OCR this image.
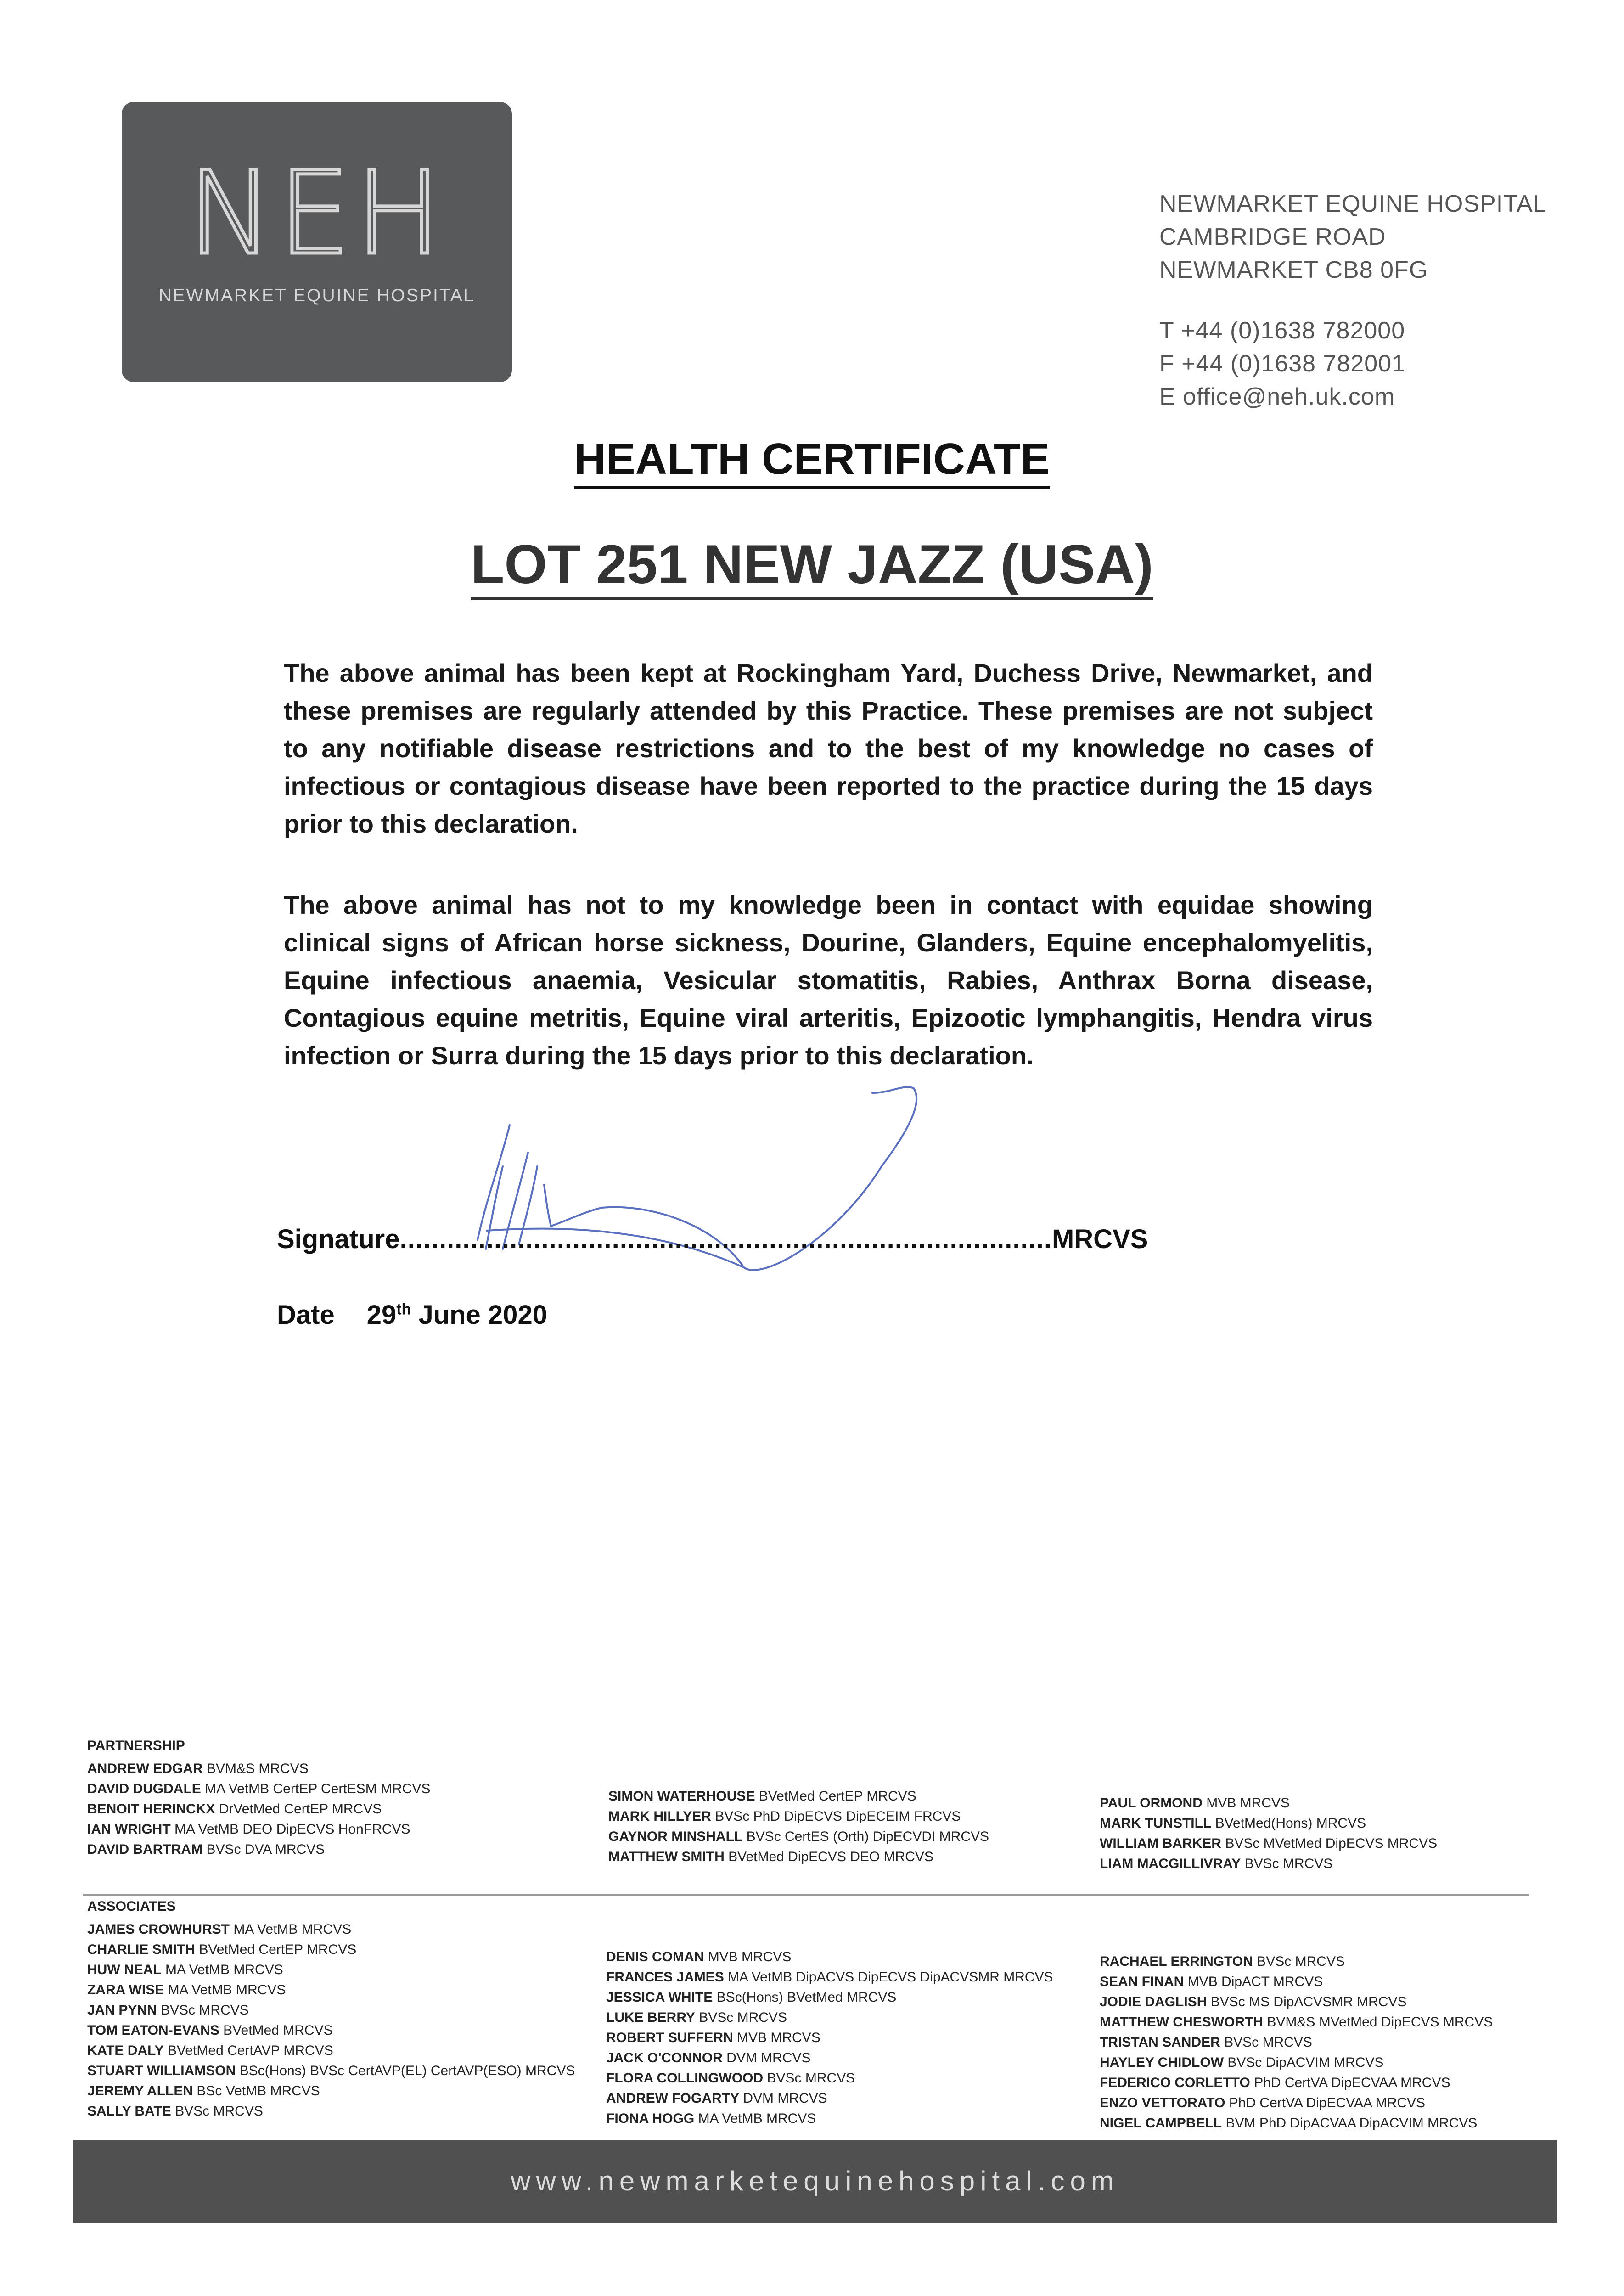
NEH
NEWMARKET EQUINE HOSPITAL
NEWMARKET EQUINE HOSPITAL
CAMBRIDGE ROAD
NEWMARKET CB8 0FG
T +44 (0)1638 782000
F +44 (0)1638 782001
E office@neh.uk.com
HEALTH CERTIFICATE
LOT 251 NEW JAZZ (USA)
The above animal has been kept at Rockingham Yard, Duchess Drive, Newmarket, and these premises are regularly attended by this Practice. These premises are not subject to any notifiable disease restrictions and to the best of my knowledge no cases of infectious or contagious disease have been reported to the practice during the 15 days prior to this declaration.
The above animal has not to my knowledge been in contact with equidae showing clinical signs of African horse sickness, Dourine, Glanders, Equine encephalomyelitis, Equine infectious anaemia, Vesicular stomatitis, Rabies, Anthrax Borna disease, Contagious equine metritis, Equine viral arteritis, Epizootic lymphangitis, Hendra virus infection or Surra during the 15 days prior to this declaration.
Signature...................................................................................MRCVS
Date 29th June 2020
PARTNERSHIP
ANDREW EDGAR BVM&S MRCVS
DAVID DUGDALE MA VetMB CertEP CertESM MRCVS
BENOIT HERINCKX DrVetMed CertEP MRCVS
IAN WRIGHT MA VetMB DEO DipECVS HonFRCVS
DAVID BARTRAM BVSc DVA MRCVS
SIMON WATERHOUSE BVetMed CertEP MRCVS
MARK HILLYER BVSc PhD DipECVS DipECEIM FRCVS
GAYNOR MINSHALL BVSc CertES (Orth) DipECVDI MRCVS
MATTHEW SMITH BVetMed DipECVS DEO MRCVS
PAUL ORMOND MVB MRCVS
MARK TUNSTILL BVetMed(Hons) MRCVS
WILLIAM BARKER BVSc MVetMed DipECVS MRCVS
LIAM MACGILLIVRAY BVSc MRCVS
ASSOCIATES
JAMES CROWHURST MA VetMB MRCVS
CHARLIE SMITH BVetMed CertEP MRCVS
HUW NEAL MA VetMB MRCVS
ZARA WISE MA VetMB MRCVS
JAN PYNN BVSc MRCVS
TOM EATON-EVANS BVetMed MRCVS
KATE DALY BVetMed CertAVP MRCVS
STUART WILLIAMSON BSc(Hons) BVSc CertAVP(EL) CertAVP(ESO) MRCVS
JEREMY ALLEN BSc VetMB MRCVS
SALLY BATE BVSc MRCVS
DENIS COMAN MVB MRCVS
FRANCES JAMES MA VetMB DipACVS DipECVS DipACVSMR MRCVS
JESSICA WHITE BSc(Hons) BVetMed MRCVS
LUKE BERRY BVSc MRCVS
ROBERT SUFFERN MVB MRCVS
JACK O'CONNOR DVM MRCVS
FLORA COLLINGWOOD BVSc MRCVS
ANDREW FOGARTY DVM MRCVS
FIONA HOGG MA VetMB MRCVS
RACHAEL ERRINGTON BVSc MRCVS
SEAN FINAN MVB DipACT MRCVS
JODIE DAGLISH BVSc MS DipACVSMR MRCVS
MATTHEW CHESWORTH BVM&S MVetMed DipECVS MRCVS
TRISTAN SANDER BVSc MRCVS
HAYLEY CHIDLOW BVSc DipACVIM MRCVS
FEDERICO CORLETTO PhD CertVA DipECVAA MRCVS
ENZO VETTORATO PhD CertVA DipECVAA MRCVS
NIGEL CAMPBELL BVM PhD DipACVAA DipACVIM MRCVS
www.newmarketequinehospital.com
